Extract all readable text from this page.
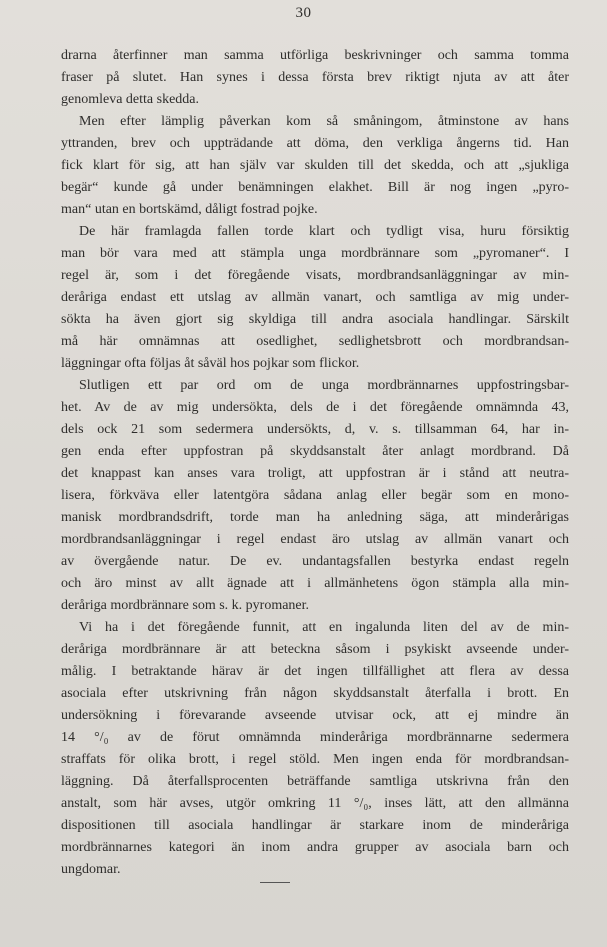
30
drarna återfinner man samma utförliga beskrivninger och samma tomma
fraser på slutet. Han synes i dessa första brev riktigt njuta av att åter
genomleva detta skedda.
Men efter lämplig påverkan kom så småningom, åtminstone av hans
yttranden, brev och uppträdande att döma, den verkliga ångerns tid. Han
fick klart för sig, att han själv var skulden till det skedda, och att „sjukliga
begär“ kunde gå under benämningen elakhet. Bill är nog ingen „pyro-
man“ utan en bortskämd, dåligt fostrad pojke.
De här framlagda fallen torde klart och tydligt visa, huru försiktig
man bör vara med att stämpla unga mordbrännare som „pyromaner“. I
regel är, som i det föregående visats, mordbrandsanläggningar av min-
deråriga endast ett utslag av allmän vanart, och samtliga av mig under-
sökta ha även gjort sig skyldiga till andra asociala handlingar. Särskilt
må här omnämnas att osedlighet, sedlighetsbrott och mordbrandsan-
läggningar ofta följas åt såväl hos pojkar som flickor.
Slutligen ett par ord om de unga mordbrännarnes uppfostringsbar-
het. Av de av mig undersökta, dels de i det föregående omnämnda 43,
dels ock 21 som sedermera undersökts, d, v. s. tillsamman 64, har in-
gen enda efter uppfostran på skyddsanstalt åter anlagt mordbrand. Då
det knappast kan anses vara troligt, att uppfostran är i stånd att neutra-
lisera, förkväva eller latentgöra sådana anlag eller begär som en mono-
manisk mordbrandsdrift, torde man ha anledning säga, att minderårigas
mordbrandsanläggningar i regel endast äro utslag av allmän vanart och
av övergående natur. De ev. undantagsfallen bestyrka endast regeln
och äro minst av allt ägnade att i allmänhetens ögon stämpla alla min-
deråriga mordbrännare som s. k. pyromaner.
Vi ha i det föregående funnit, att en ingalunda liten del av de min-
deråriga mordbrännare är att beteckna såsom i psykiskt avseende under-
målig. I betraktande härav är det ingen tillfällighet att flera av dessa
asociala efter utskrivning från någon skyddsanstalt återfalla i brott. En
undersökning i förevarande avseende utvisar ock, att ej mindre än
14 °/₀ av de förut omnämnda minderåriga mordbrännarne sedermera
straffats för olika brott, i regel stöld. Men ingen enda för mordbrandsan-
läggning. Då återfallsprocenten beträffande samtliga utskrivna från den
anstalt, som här avses, utgör omkring 11 °/₀, inses lätt, att den allmänna
dispositionen till asociala handlingar är starkare inom de minderåriga
mordbrännarnes kategori än inom andra grupper av asociala barn och
ungdomar.
